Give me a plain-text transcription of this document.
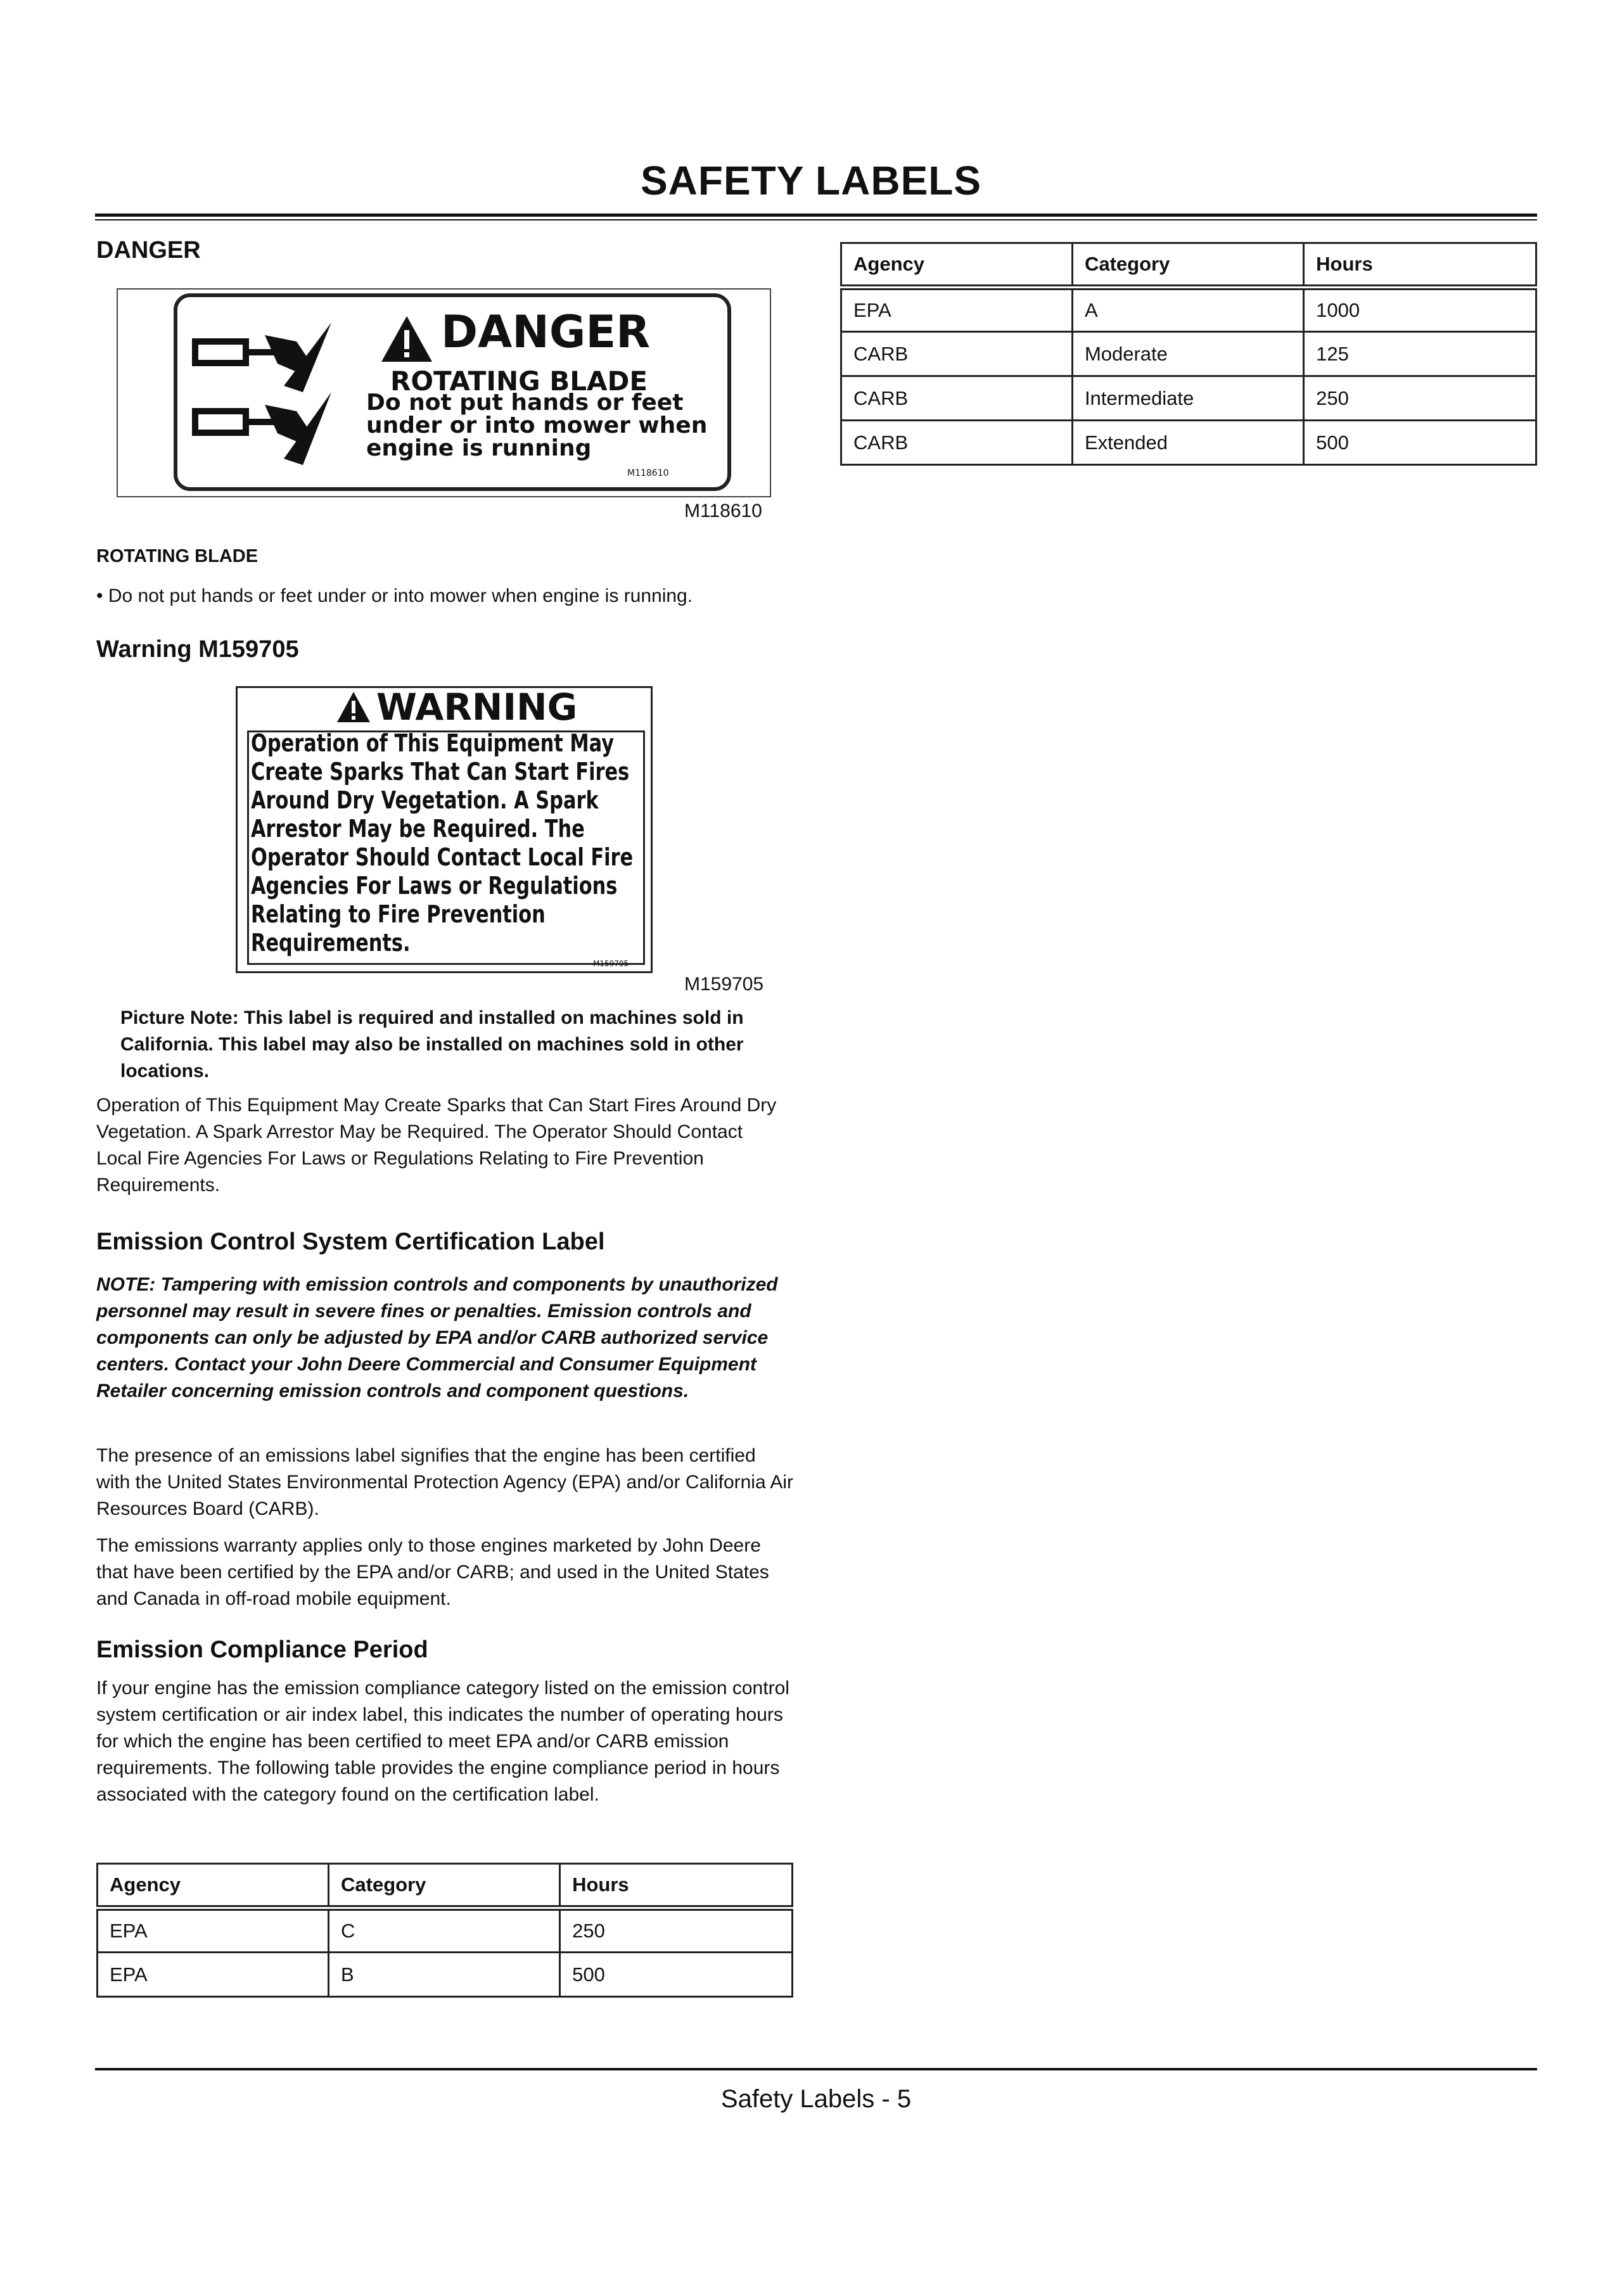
SAFETY LABELS
DANGER
DANGER
ROTATING BLADE
Do not put hands or feet
under or into mower when
engine is running
M118610
M118610
ROTATING BLADE
• Do not put hands or feet under or into mower when engine is running.
Warning M159705
WARNING
Operation of This Equipment May
Create Sparks That Can Start Fires
Around Dry Vegetation. A Spark
Arrestor May be Required. The
Operator Should Contact Local Fire
Agencies For Laws or Regulations
Relating to Fire Prevention
Requirements.
M159705
M159705
Picture Note: This label is required and installed on machines sold in California. This label may also be installed on machines sold in other locations.
Operation of This Equipment May Create Sparks that Can Start Fires Around Dry Vegetation. A Spark Arrestor May be Required. The Operator Should Contact Local Fire Agencies For Laws or Regulations Relating to Fire Prevention Requirements.
Emission Control System Certification Label
NOTE: Tampering with emission controls and components by unauthorized personnel may result in severe fines or penalties. Emission controls and components can only be adjusted by EPA and/or CARB authorized service centers. Contact your John Deere Commercial and Consumer Equipment Retailer concerning emission controls and component questions.
The presence of an emissions label signifies that the engine has been certified with the United States Environmental Protection Agency (EPA) and/or California Air Resources Board (CARB).
The emissions warranty applies only to those engines marketed by John Deere that have been certified by the EPA and/or CARB; and used in the United States and Canada in off-road mobile equipment.
Emission Compliance Period
If your engine has the emission compliance category listed on the emission control system certification or air index label, this indicates the number of operating hours for which the engine has been certified to meet EPA and/or CARB emission requirements. The following table provides the engine compliance period in hours associated with the category found on the certification label.
Agency	Category	Hours
EPA	C	250
EPA	B	500
Agency	Category	Hours
EPA	A	1000
CARB	Moderate	125
CARB	Intermediate	250
CARB	Extended	500
Safety Labels - 5
